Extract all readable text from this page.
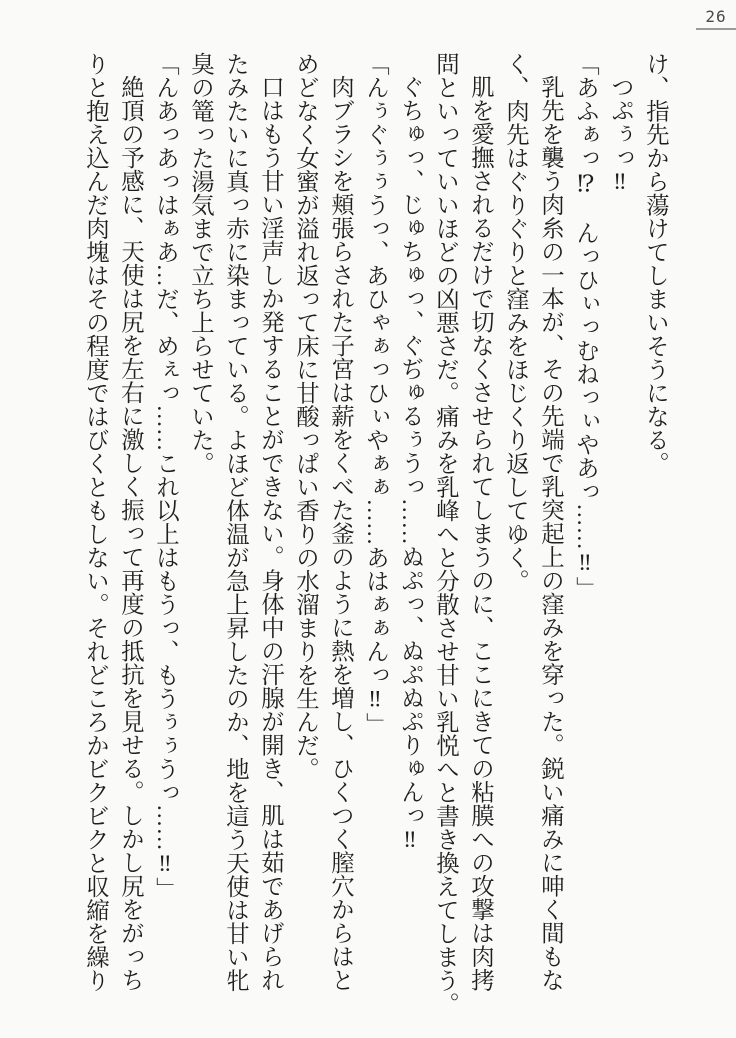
26
け、指先から蕩けてしまいそうになる。
つぷぅっ‼
「あふぁっ⁉　んっひぃっむねっぃやあっ……‼」
乳先を襲う肉糸の一本が、その先端で乳突起上の窪みを穿った。鋭い痛みに呻く間もな
く、肉先はぐりぐりと窪みをほじくり返してゆく。
肌を愛撫されるだけで切なくさせられてしまうのに、ここにきての粘膜への攻撃は肉拷
問といっていいほどの凶悪さだ。痛みを乳峰へと分散させ甘い乳悦へと書き換えてしまう。
ぐちゅっ、じゅちゅっ、ぐぢゅるぅうっ……ぬぷっ、ぬぷぬぷりゅんっ‼
「んぅぐぅぅうっ、あひゃぁっひぃやぁぁ……あはぁぁんっ‼」
肉ブラシを頬張らされた子宮は薪をくべた釜のように熱を増し、ひくつく膣穴からはと
めどなく女蜜が溢れ返って床に甘酸っぱい香りの水溜まりを生んだ。
口はもう甘い淫声しか発することができない。身体中の汗腺が開き、肌は茹であげられ
たみたいに真っ赤に染まっている。よほど体温が急上昇したのか、地を這う天使は甘い牝
臭の篭った湯気まで立ち上らせていた。
「んあっあっはぁあ…だ、めぇっ……これ以上はもうっ、もうぅぅうっ……‼」
絶頂の予感に、天使は尻を左右に激しく振って再度の抵抗を見せる。しかし尻をがっち
りと抱え込んだ肉塊はその程度ではびくともしない。それどころかビクビクと収縮を繰り
